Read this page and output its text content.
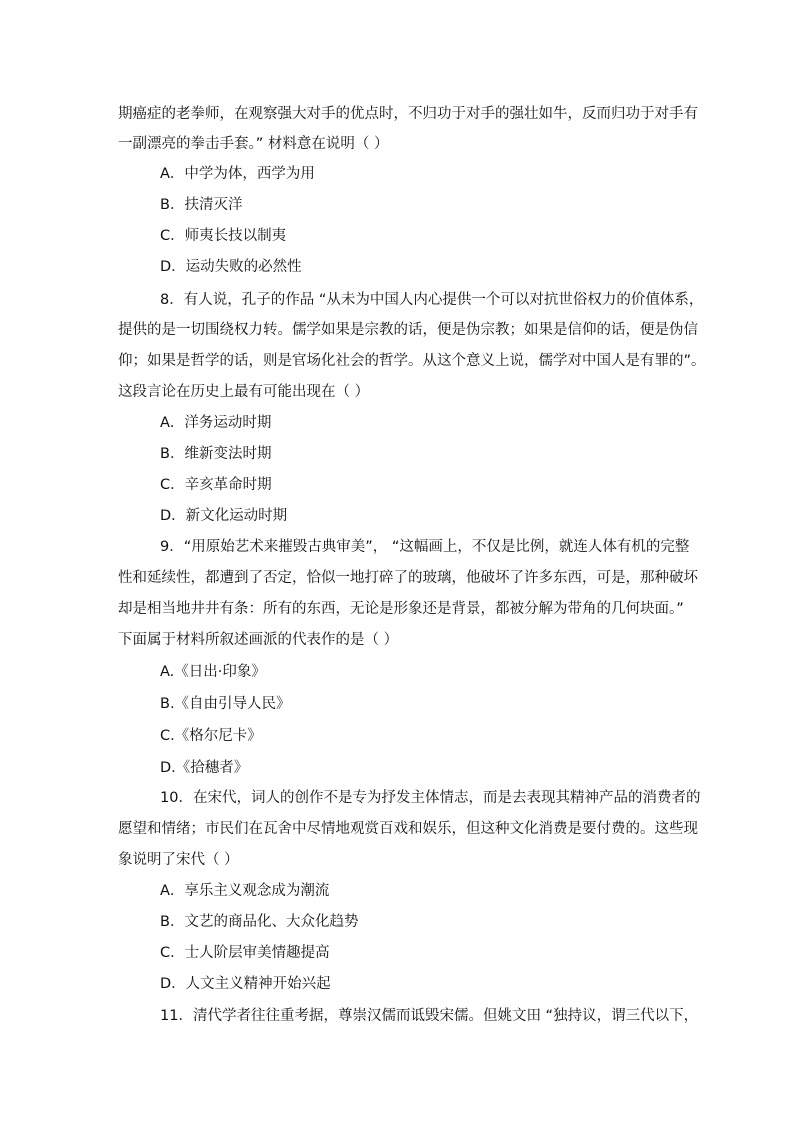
期癌症的老拳师，在观察强大对手的优点时，不归功于对手的强壮如牛，反而归功于对手有
一副漂亮的拳击手套。” 材料意在说明（ ）
A．中学为体，西学为用
B．扶清灭洋
C．师夷长技以制夷
D．运动失败的必然性
8．有人说，孔子的作品 “从未为中国人内心提供一个可以对抗世俗权力的价值体系，
提供的是一切围绕权力转。儒学如果是宗教的话，便是伪宗教；如果是信仰的话，便是伪信
仰；如果是哲学的话，则是官场化社会的哲学。从这个意义上说，儒学对中国人是有罪的”。
这段言论在历史上最有可能出现在（ ）
A．洋务运动时期
B．维新变法时期
C．辛亥革命时期
D．新文化运动时期
9．“用原始艺术来摧毁古典审美”， “这幅画上，不仅是比例，就连人体有机的完整
性和延续性，都遭到了否定，恰似一地打碎了的玻璃，他破坏了许多东西，可是，那种破坏
却是相当地井井有条：所有的东西，无论是形象还是背景，都被分解为带角的几何块面。”
下面属于材料所叙述画派的代表作的是（ ）
A.《日出·印象》
B.《自由引导人民》
C.《格尔尼卡》
D.《拾穗者》
10．在宋代，词人的创作不是专为抒发主体情志，而是去表现其精神产品的消费者的
愿望和情绪；市民们在瓦舍中尽情地观赏百戏和娱乐，但这种文化消费是要付费的。这些现
象说明了宋代（ ）
A．享乐主义观念成为潮流
B．文艺的商品化、大众化趋势
C．士人阶层审美情趣提高
D．人文主义精神开始兴起
11．清代学者往往重考据，尊崇汉儒而诋毁宋儒。但姚文田 “独持议，谓三代以下，
